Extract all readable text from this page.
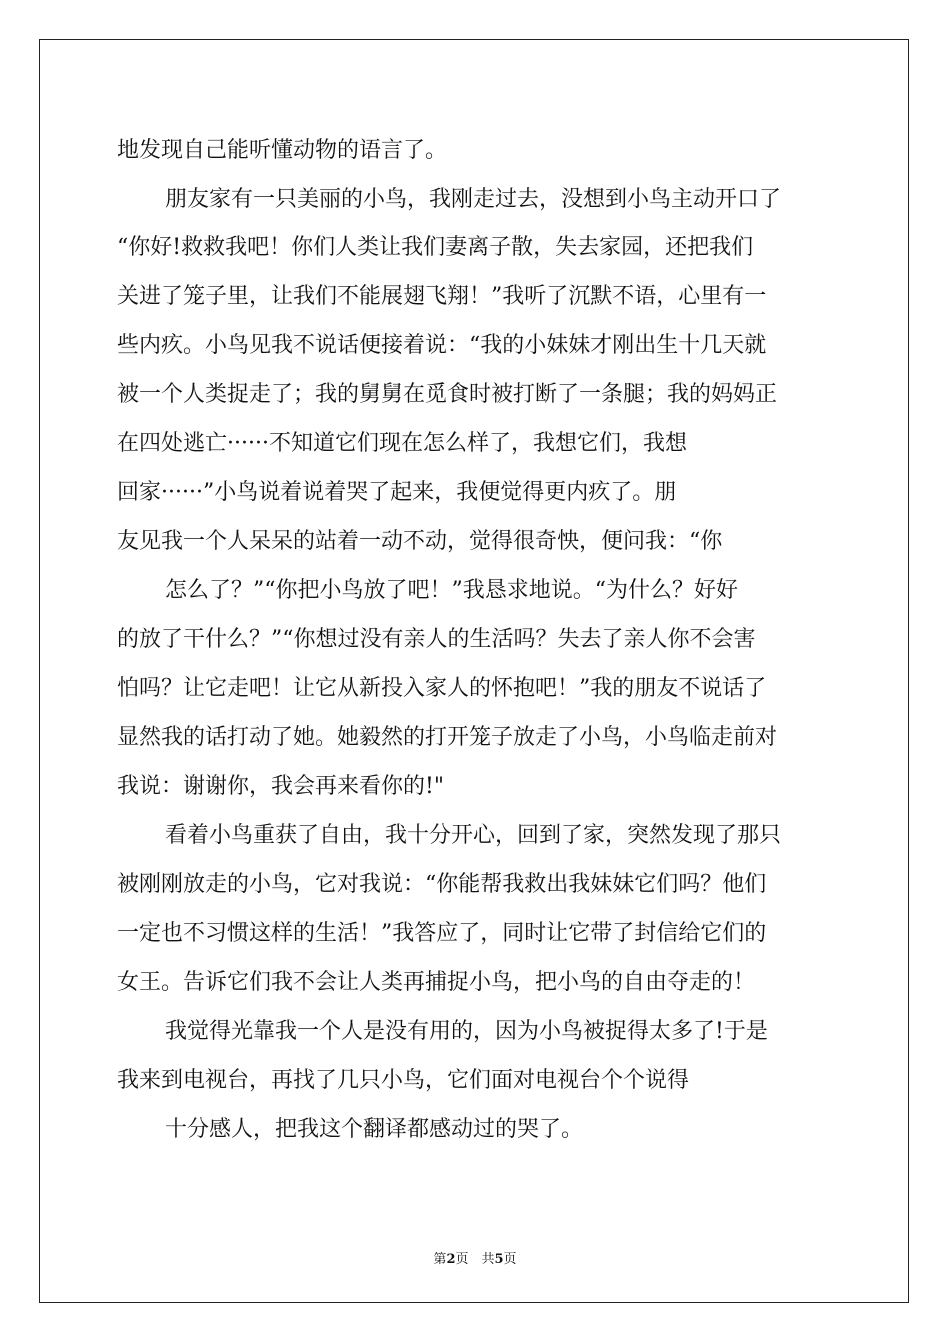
地发现自己能听懂动物的语言了。
朋友家有一只美丽的小鸟，我刚走过去，没想到小鸟主动开口了
“你好!救救我吧！你们人类让我们妻离子散，失去家园，还把我们
关进了笼子里，让我们不能展翅飞翔！”我听了沉默不语，心里有一
些内疚。小鸟见我不说话便接着说：“我的小妹妹才刚出生十几天就
被一个人类捉走了；我的舅舅在觅食时被打断了一条腿；我的妈妈正
在四处逃亡······不知道它们现在怎么样了，我想它们，我想
回家······”小鸟说着说着哭了起来，我便觉得更内疚了。朋
友见我一个人呆呆的站着一动不动，觉得很奇怏，便问我：“你
怎么了？”“你把小鸟放了吧！”我恳求地说。“为什么？好好
的放了干什么？”“你想过没有亲人的生活吗？失去了亲人你不会害
怕吗？让它走吧！让它从新投入家人的怀抱吧！”我的朋友不说话了
显然我的话打动了她。她毅然的打开笼子放走了小鸟，小鸟临走前对
我说：谢谢你，我会再来看你的!"
看着小鸟重获了自由，我十分开心，回到了家，突然发现了那只
被刚刚放走的小鸟，它对我说：“你能帮我救出我妹妹它们吗？他们
一定也不习惯这样的生活！”我答应了，同时让它带了封信给它们的
女王。告诉它们我不会让人类再捕捉小鸟，把小鸟的自由夺走的！
我觉得光靠我一个人是没有用的，因为小鸟被捉得太多了!于是
我来到电视台，再找了几只小鸟，它们面对电视台个个说得
十分感人，把我这个翻译都感动过的哭了。
第2页　共5页
